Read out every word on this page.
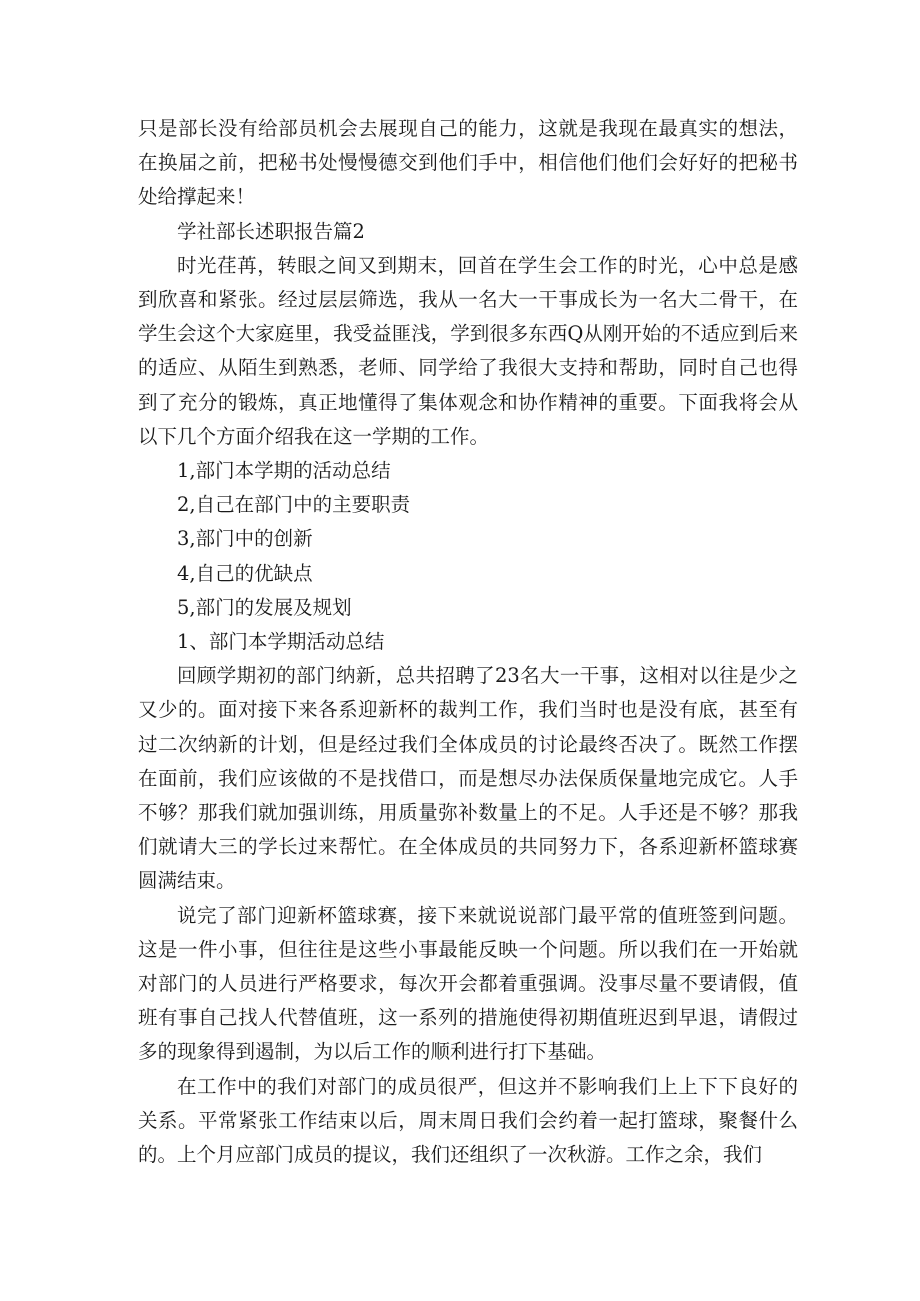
只是部长没有给部员机会去展现自己的能力，这就是我现在最真实的想法，在换届之前，把秘书处慢慢德交到他们手中，相信他们他们会好好的把秘书处给撑起来！

学社部长述职报告篇2

时光荏苒，转眼之间又到期末，回首在学生会工作的时光，心中总是感到欣喜和紧张。经过层层筛选，我从一名大一干事成长为一名大二骨干，在学生会这个大家庭里，我受益匪浅，学到很多东西Q从刚开始的不适应到后来的适应、从陌生到熟悉，老师、同学给了我很大支持和帮助，同时自己也得到了充分的锻炼，真正地懂得了集体观念和协作精神的重要。下面我将会从以下几个方面介绍我在这一学期的工作。

1,部门本学期的活动总结

2,自己在部门中的主要职责

3,部门中的创新

4,自己的优缺点

5,部门的发展及规划

1、部门本学期活动总结

回顾学期初的部门纳新，总共招聘了23名大一干事，这相对以往是少之又少的。面对接下来各系迎新杯的裁判工作，我们当时也是没有底，甚至有过二次纳新的计划，但是经过我们全体成员的讨论最终否决了。既然工作摆在面前，我们应该做的不是找借口，而是想尽办法保质保量地完成它。人手不够？那我们就加强训练，用质量弥补数量上的不足。人手还是不够？那我们就请大三的学长过来帮忙。在全体成员的共同努力下，各系迎新杯篮球赛圆满结束。

说完了部门迎新杯篮球赛，接下来就说说部门最平常的值班签到问题。这是一件小事，但往往是这些小事最能反映一个问题。所以我们在一开始就对部门的人员进行严格要求，每次开会都着重强调。没事尽量不要请假，值班有事自己找人代替值班，这一系列的措施使得初期值班迟到早退，请假过多的现象得到遏制，为以后工作的顺利进行打下基础。

在工作中的我们对部门的成员很严，但这并不影响我们上上下下良好的关系。平常紧张工作结束以后，周末周日我们会约着一起打篮球，聚餐什么的。上个月应部门成员的提议，我们还组织了一次秋游。工作之余，我们
